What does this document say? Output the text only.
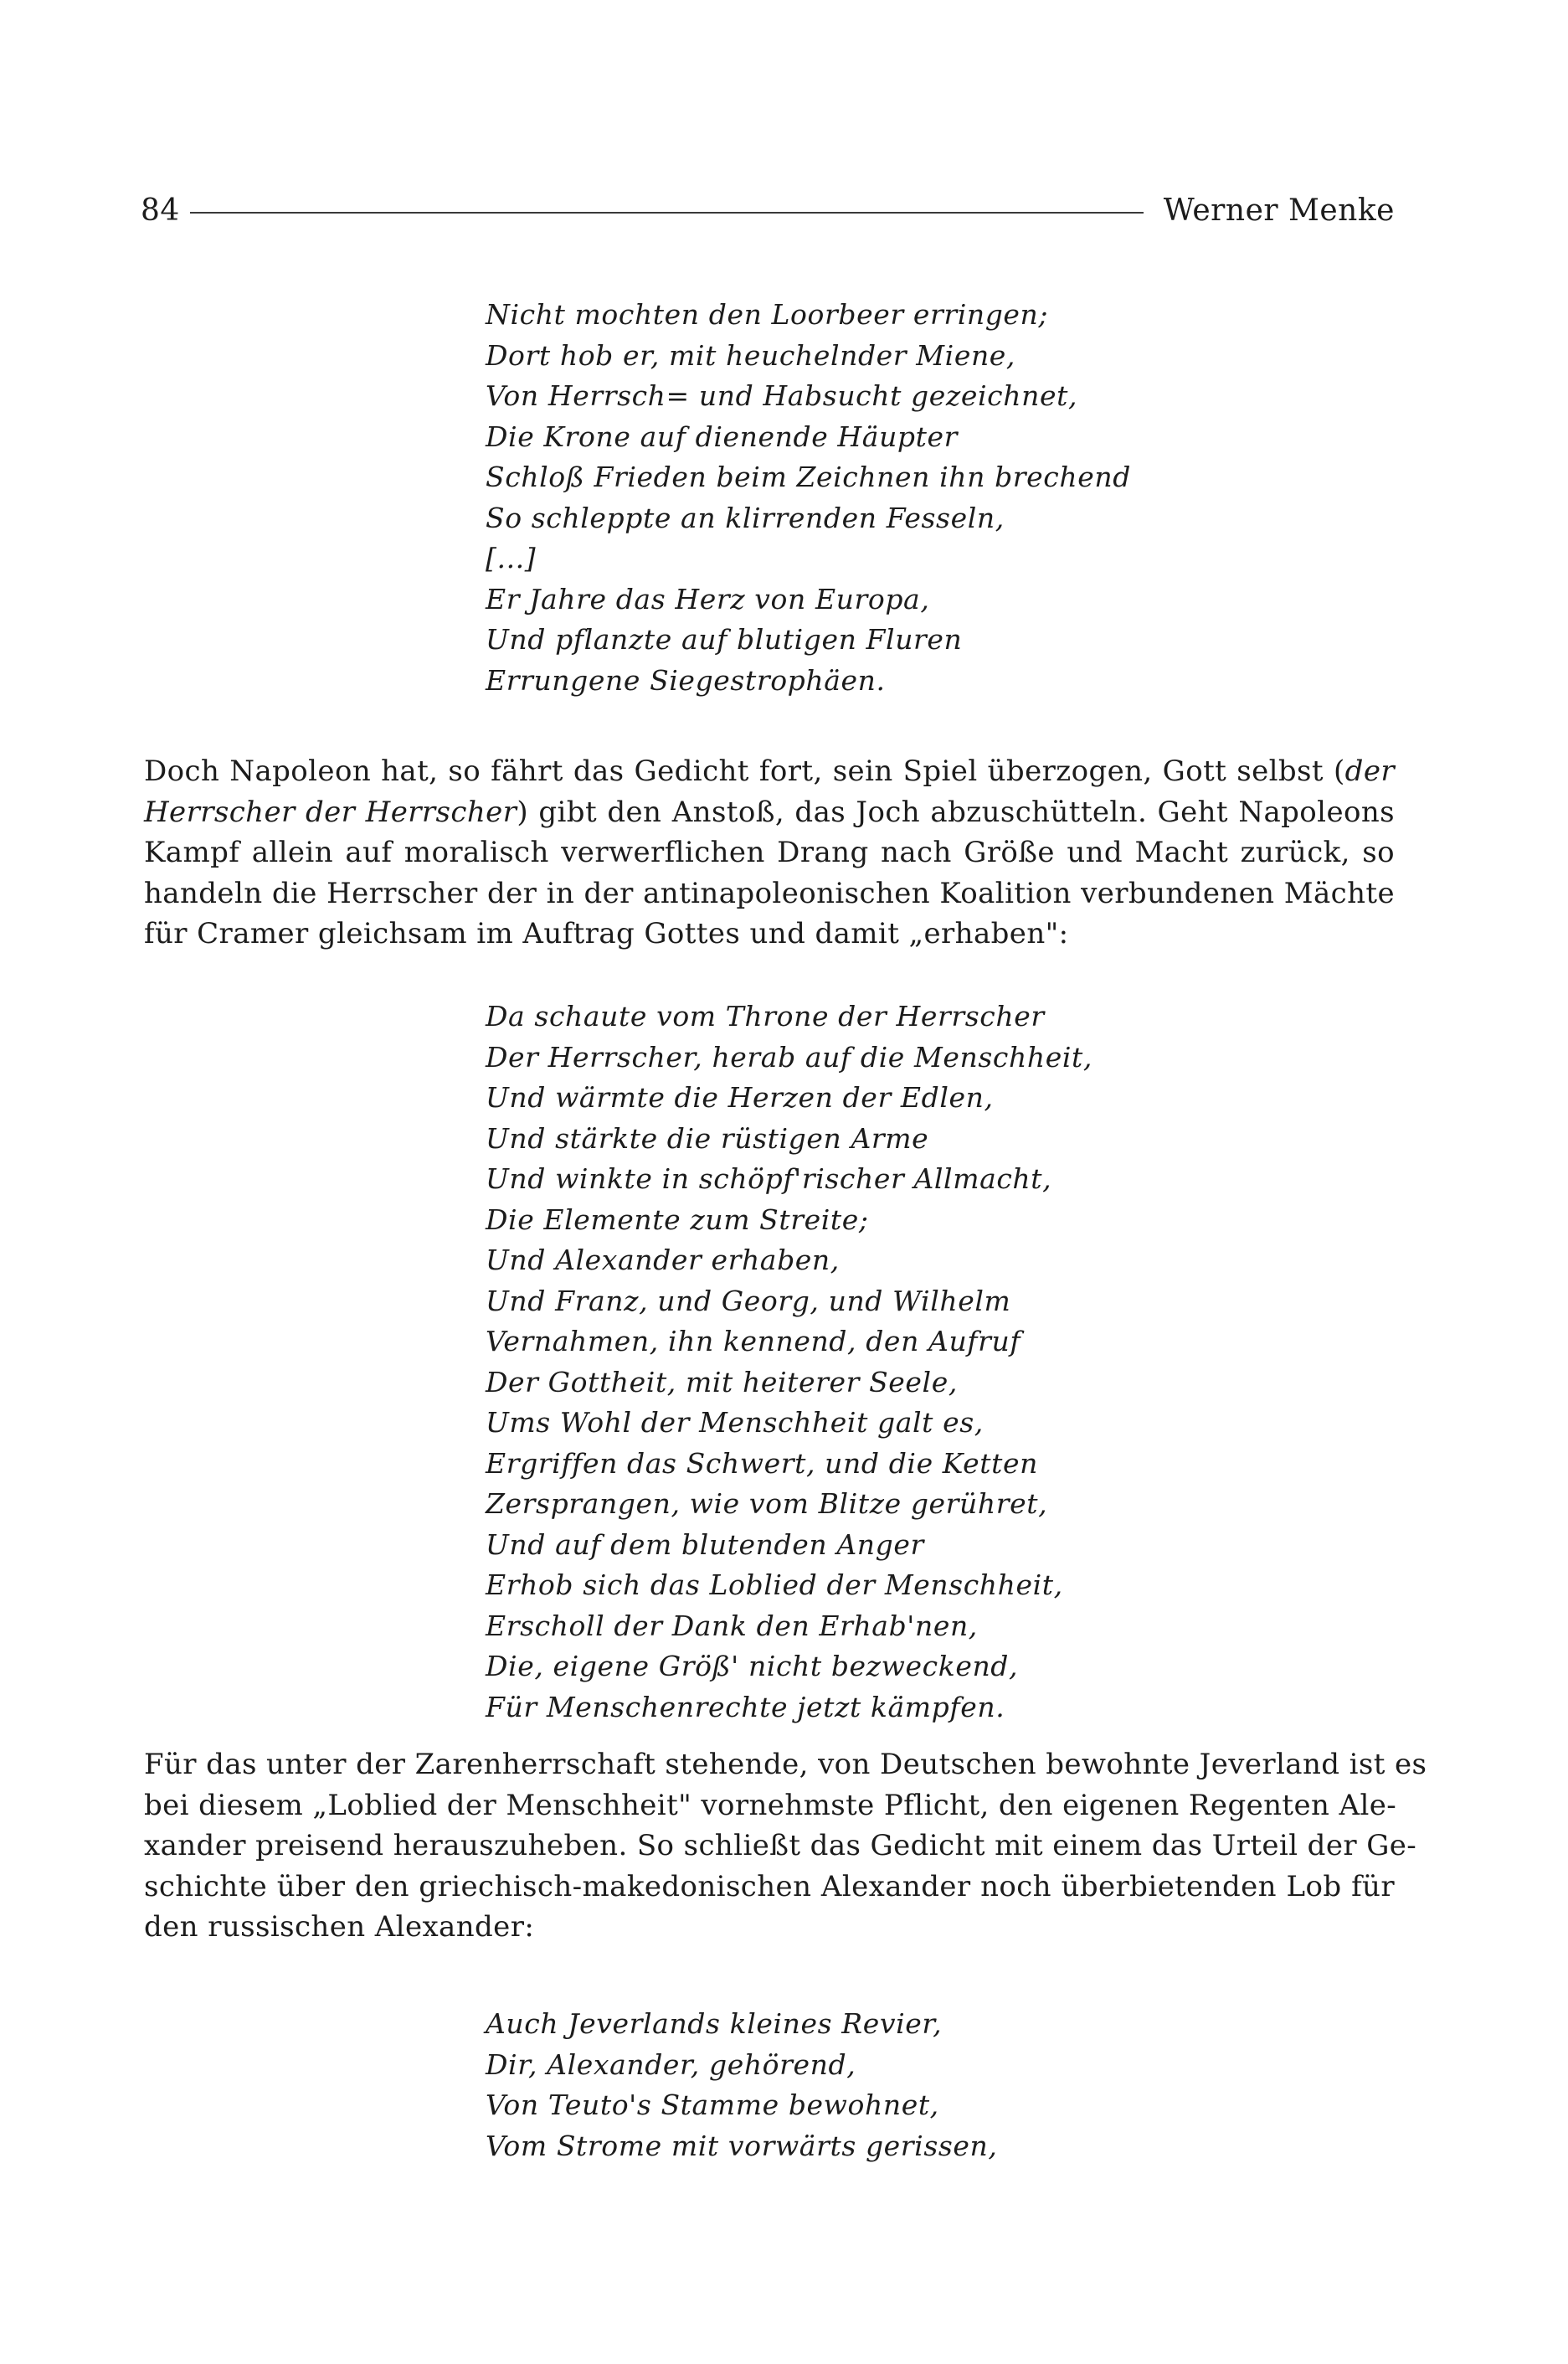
84	Werner Menke
Nicht mochten den Loorbeer erringen;
Dort hob er, mit heuchelnder Miene,
Von Herrsch= und Habsucht gezeichnet,
Die Krone auf dienende Häupter
Schloß Frieden beim Zeichnen ihn brechend
So schleppte an klirrenden Fesseln,
[...]
Er Jahre das Herz von Europa,
Und pflanzte auf blutigen Fluren
Errungene Siegestrophäen.
Doch Napoleon hat, so fährt das Gedicht fort, sein Spiel überzogen, Gott selbst (der
Herrscher der Herrscher) gibt den Anstoß, das Joch abzuschütteln. Geht Napoleons
Kampf allein auf moralisch verwerflichen Drang nach Größe und Macht zurück, so
handeln die Herrscher der in der antinapoleonischen Koalition verbundenen Mächte
für Cramer gleichsam im Auftrag Gottes und damit „erhaben":
Da schaute vom Throne der Herrscher
Der Herrscher, herab auf die Menschheit,
Und wärmte die Herzen der Edlen,
Und stärkte die rüstigen Arme
Und winkte in schöpf'rischer Allmacht,
Die Elemente zum Streite;
Und Alexander erhaben,
Und Franz, und Georg, und Wilhelm
Vernahmen, ihn kennend, den Aufruf
Der Gottheit, mit heiterer Seele,
Ums Wohl der Menschheit galt es,
Ergriffen das Schwert, und die Ketten
Zersprangen, wie vom Blitze gerühret,
Und auf dem blutenden Anger
Erhob sich das Loblied der Menschheit,
Erscholl der Dank den Erhab'nen,
Die, eigene Größ' nicht bezweckend,
Für Menschenrechte jetzt kämpfen.
Für das unter der Zarenherrschaft stehende, von Deutschen bewohnte Jeverland ist es
bei diesem „Loblied der Menschheit" vornehmste Pflicht, den eigenen Regenten Ale-
xander preisend herauszuheben. So schließt das Gedicht mit einem das Urteil der Ge-
schichte über den griechisch-makedonischen Alexander noch überbietenden Lob für
den russischen Alexander:
Auch Jeverlands kleines Revier,
Dir, Alexander, gehörend,
Von Teuto's Stamme bewohnet,
Vom Strome mit vorwärts gerissen,
